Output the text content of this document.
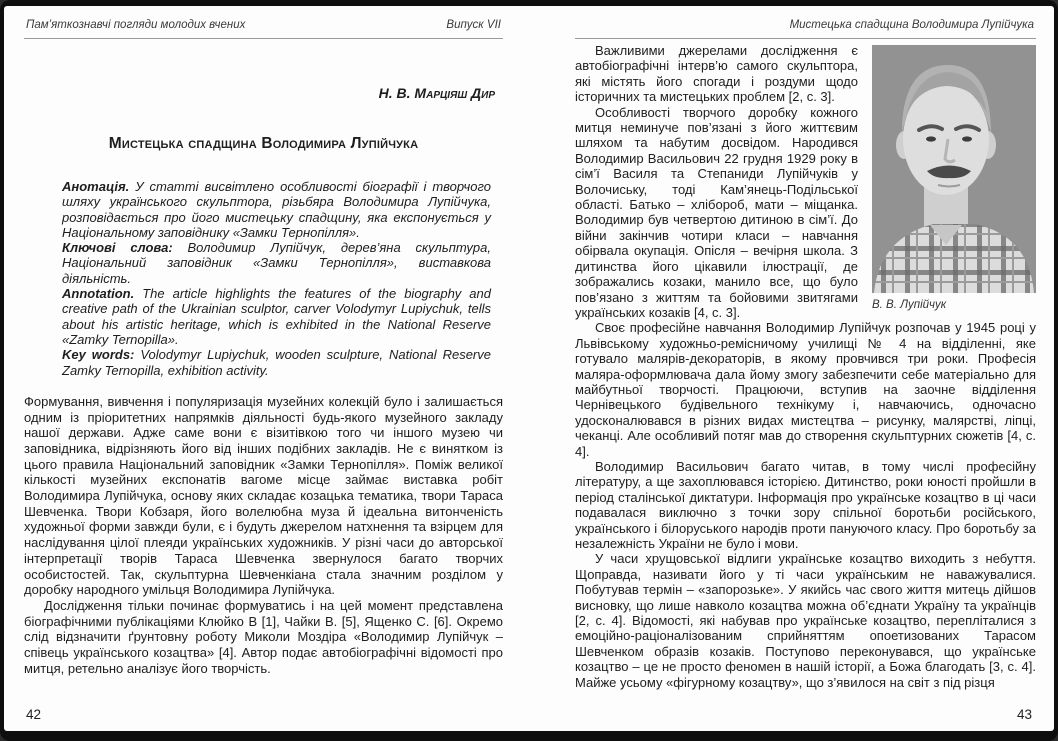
Пам’яткознавчі погляди молодих вчених	Випуск VII
Н. В. Марціяш Дир
Мистецька спадщина Володимира Лупійчука

Анотація. У статті висвітлено особливості біографії і творчого шляху українського скульптора, різьбяра Володимира Лупійчука, розповідається про його мистецьку спадщину, яка експонується у Національному заповіднику «Замки Тернопілля».

Ключові слова: Володимир Лупійчук, дерев’яна скульптура, Національний заповідник «Замки Тернопілля», виставкова діяльність.

Annotation. The article highlights the features of the biography and creative path of the Ukrainian sculptor, carver Volodymyr Lupiychuk, tells about his artistic heritage, which is exhibited in the National Reserve «Zamky Ternopilla».

Key words: Volodymyr Lupiychuk, wooden sculpture, National Reserve Zamky Ternopilla, exhibition activity.

Формування, вивчення і популяризація музейних колекцій було і залишається одним із пріоритетних напрямків діяльності будь-якого музейного закладу нашої держави. Адже саме вони є візитівкою того чи іншого музею чи заповідника, відрізняють його від інших подібних закладів. Не є винятком із цього правила Національний заповідник «Замки Тернопілля». Поміж великої кількості музейних експонатів вагоме місце займає виставка робіт Володимира Лупійчука, основу яких складає козацька тематика, твори Тараса Шевченка. Твори Кобзаря, його волелюбна муза й ідеальна витонченість художньої форми завжди були, є і будуть джерелом натхнення та взірцем для наслідування цілої плеяди українських художників. У різні часи до авторської інтерпретації творів Тараса Шевченка звернулося багато творчих особистостей. Так, скульптурна Шевченкіана стала значним розділом у доробку народного умільця Володимира Лупійчука.

Дослідження тільки починає формуватись і на цей момент представлена біографічними публікаціями Клюйко В [1], Чайки В. [5], Ященко С. [6]. Окремо слід відзначити ґрунтовну роботу Миколи Моздіра «Володимир Лупійчук – співець українського козацтва» [4]. Автор подає автобіографічні відомості про митця, ретельно аналізує його творчість.

42
Мистецька спадщина Володимира Лупійчука
В. В. Лупійчук

Важливими джерелами дослідження є автобіографічні інтерв’ю самого скульптора, які містять його спогади і роздуми щодо історичних та мистецьких проблем [2, с. 3].

Особливості творчого доробку кожного митця неминуче пов’язані з його життєвим шляхом та набутим досвідом. Народився Володимир Васильович 22 грудня 1929 року в сім’ї Василя та Степаниди Лупійчуків у Волочиську, тоді Кам’янець-Подільської області. Батько – хлібороб, мати – міщанка. Володимир був четвертою дитиною в сім’ї. До війни закінчив чотири класи – навчання обірвала окупація. Опісля – вечірня школа. З дитинства його цікавили ілюстрації, де зображались козаки, манило все, що було пов’язано з життям та бойовими звитягами українських козаків [4, с. 3].

Своє професійне навчання Володимир Лупійчук розпочав у 1945 році у Львівському художньо-ремісничому училищі № 4 на відділенні, яке готувало малярів-декораторів, в якому провчився три роки. Професія маляра-оформлювача дала йому змогу забезпечити себе матеріально для майбутньої творчості. Працюючи, вступив на заочне відділення Чернівецького будівельного технікуму і, навчаючись, одночасно удосконалювався в різних видах мистецтва – рисунку, малярстві, ліпці, чеканці. Але особливий потяг мав до створення скульптурних сюжетів [4, с. 4].

Володимир Васильович багато читав, в тому числі професійну літературу, а ще захоплювався історією. Дитинство, роки юності пройшли в період сталінської диктатури. Інформація про українське козацтво в ці часи подавалася виключно з точки зору спільної боротьби російського, українського і білоруського народів проти пануючого класу. Про боротьбу за незалежність України не було і мови.

У часи хрущовської відлиги українське козацтво виходить з небуття. Щоправда, називати його у ті часи українським не наважувалися. Побутував термін – «запорозьке». У якийсь час свого життя митець дійшов висновку, що лише навколо козацтва можна об’єднати Україну та українців [2, с. 4]. Відомості, які набував про українське козацтво, перепліталися з емоційно-раціоналізованим сприйняттям опоетизованих Тарасом Шевченком образів козаків. Поступово переконувався, що українське козацтво – це не просто феномен в нашій історії, а Божа благодать [3, с. 4]. Майже усьому «фігурному козацтву», що з’явилося на світ з під різця

43
